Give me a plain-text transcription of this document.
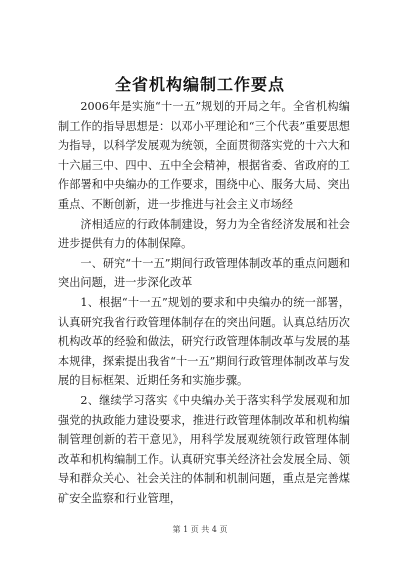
全省机构编制工作要点

2006年是实施“十一五”规划的开局之年。全省机构编制工作的指导思想是：以邓小平理论和“三个代表”重要思想为指导，以科学发展观为统领，全面贯彻落实党的十六大和十六届三中、四中、五中全会精神，根据省委、省政府的工作部署和中央编办的工作要求，围绕中心、服务大局、突出重点、不断创新，进一步推进与社会主义市场经

济相适应的行政体制建设，努力为全省经济发展和社会进步提供有力的体制保障。

一、研究“十一五”期间行政管理体制改革的重点问题和突出问题，进一步深化改革

1、根据“十一五”规划的要求和中央编办的统一部署，认真研究我省行政管理体制存在的突出问题。认真总结历次机构改革的经验和做法，研究行政管理体制改革与发展的基本规律，探索提出我省“十一五”期间行政管理体制改革与发展的目标框架、近期任务和实施步骤。

2、继续学习落实《中央编办关于落实科学发展观和加强党的执政能力建设要求，推进行政管理体制改革和机构编制管理创新的若干意见》，用科学发展观统领行政管理体制改革和机构编制工作。认真研究事关经济社会发展全局、领导和群众关心、社会关注的体制和机制问题，重点是完善煤矿安全监察和行业管理，

第 1 页 共 4 页
